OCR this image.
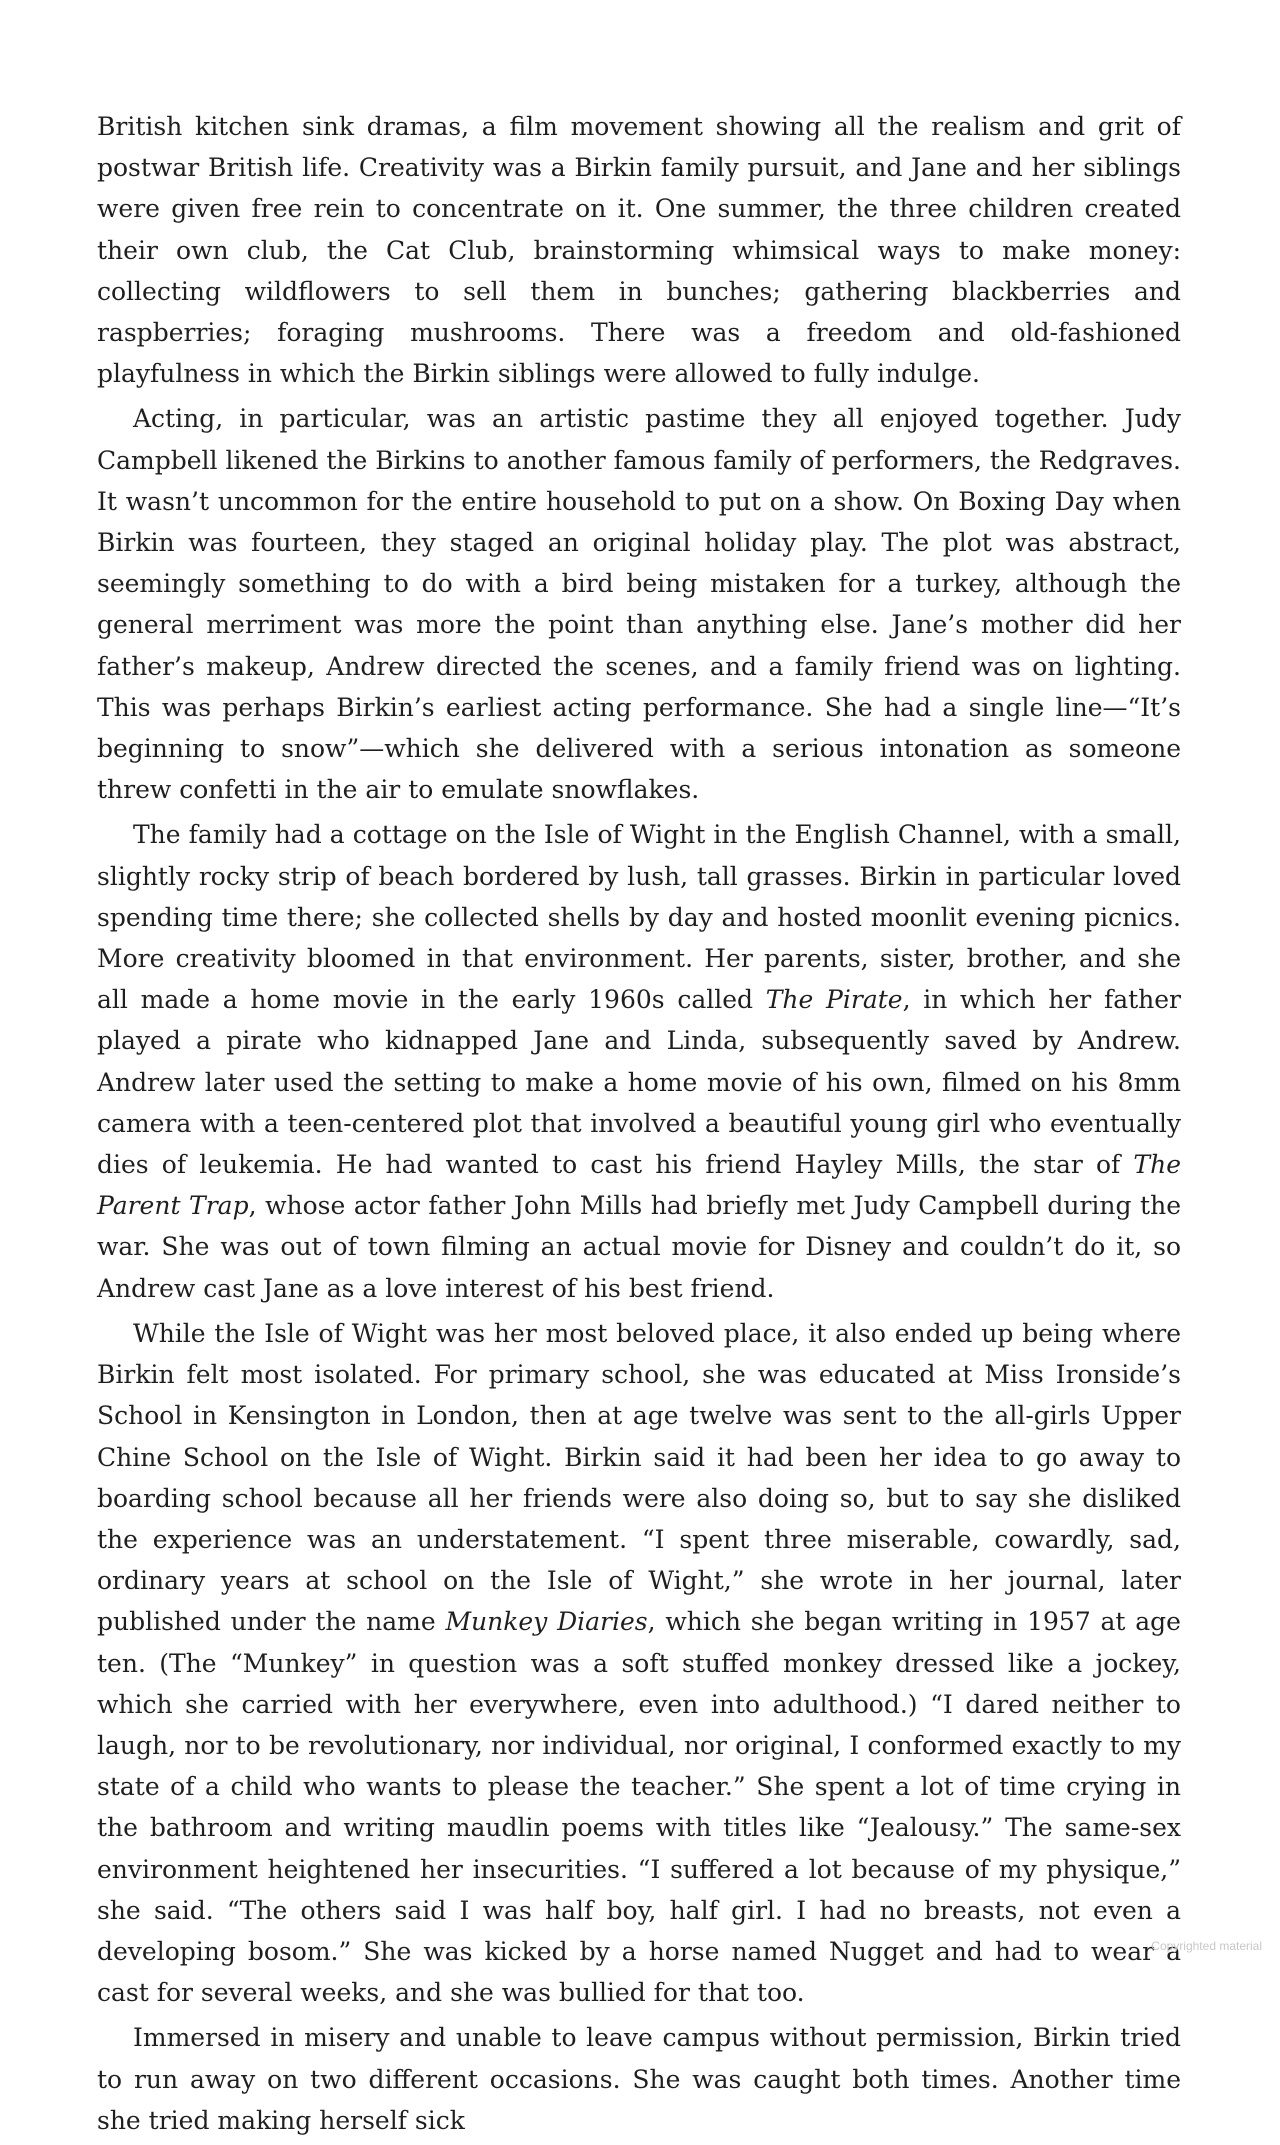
British kitchen sink dramas, a film movement showing all the realism and grit of postwar British life. Creativity was a Birkin family pursuit, and Jane and her siblings were given free rein to concentrate on it. One summer, the three children created their own club, the Cat Club, brainstorming whimsical ways to make money: collecting wildflowers to sell them in bunches; gathering blackberries and raspberries; foraging mushrooms. There was a freedom and old-fashioned playfulness in which the Birkin siblings were allowed to fully indulge.

Acting, in particular, was an artistic pastime they all enjoyed together. Judy Campbell likened the Birkins to another famous family of performers, the Redgraves. It wasn’t uncommon for the entire household to put on a show. On Boxing Day when Birkin was fourteen, they staged an original holiday play. The plot was abstract, seemingly something to do with a bird being mistaken for a turkey, although the general merriment was more the point than anything else. Jane’s mother did her father’s makeup, Andrew directed the scenes, and a family friend was on lighting. This was perhaps Birkin’s earliest acting performance. She had a single line—“It’s beginning to snow”—which she delivered with a serious intonation as someone threw confetti in the air to emulate snowflakes.

The family had a cottage on the Isle of Wight in the English Channel, with a small, slightly rocky strip of beach bordered by lush, tall grasses. Birkin in particular loved spending time there; she collected shells by day and hosted moonlit evening picnics. More creativity bloomed in that environment. Her parents, sister, brother, and she all made a home movie in the early 1960s called The Pirate, in which her father played a pirate who kidnapped Jane and Linda, subsequently saved by Andrew. Andrew later used the setting to make a home movie of his own, filmed on his 8mm camera with a teen-centered plot that involved a beautiful young girl who eventually dies of leukemia. He had wanted to cast his friend Hayley Mills, the star of The Parent Trap, whose actor father John Mills had briefly met Judy Campbell during the war. She was out of town filming an actual movie for Disney and couldn’t do it, so Andrew cast Jane as a love interest of his best friend.

While the Isle of Wight was her most beloved place, it also ended up being where Birkin felt most isolated. For primary school, she was educated at Miss Ironside’s School in Kensington in London, then at age twelve was sent to the all-girls Upper Chine School on the Isle of Wight. Birkin said it had been her idea to go away to boarding school because all her friends were also doing so, but to say she disliked the experience was an understatement. “I spent three miserable, cowardly, sad, ordinary years at school on the Isle of Wight,” she wrote in her journal, later published under the name Munkey Diaries, which she began writing in 1957 at age ten. (The “Munkey” in question was a soft stuffed monkey dressed like a jockey, which she carried with her everywhere, even into adulthood.) “I dared neither to laugh, nor to be revolutionary, nor individual, nor original, I conformed exactly to my state of a child who wants to please the teacher.” She spent a lot of time crying in the bathroom and writing maudlin poems with titles like “Jealousy.” The same-sex environment heightened her insecurities. “I suffered a lot because of my physique,” she said. “The others said I was half boy, half girl. I had no breasts, not even a developing bosom.” She was kicked by a horse named Nugget and had to wear a cast for several weeks, and she was bullied for that too.

Immersed in misery and unable to leave campus without permission, Birkin tried to run away on two different occasions. She was caught both times. Another time she tried making herself sick

Copyrighted material
